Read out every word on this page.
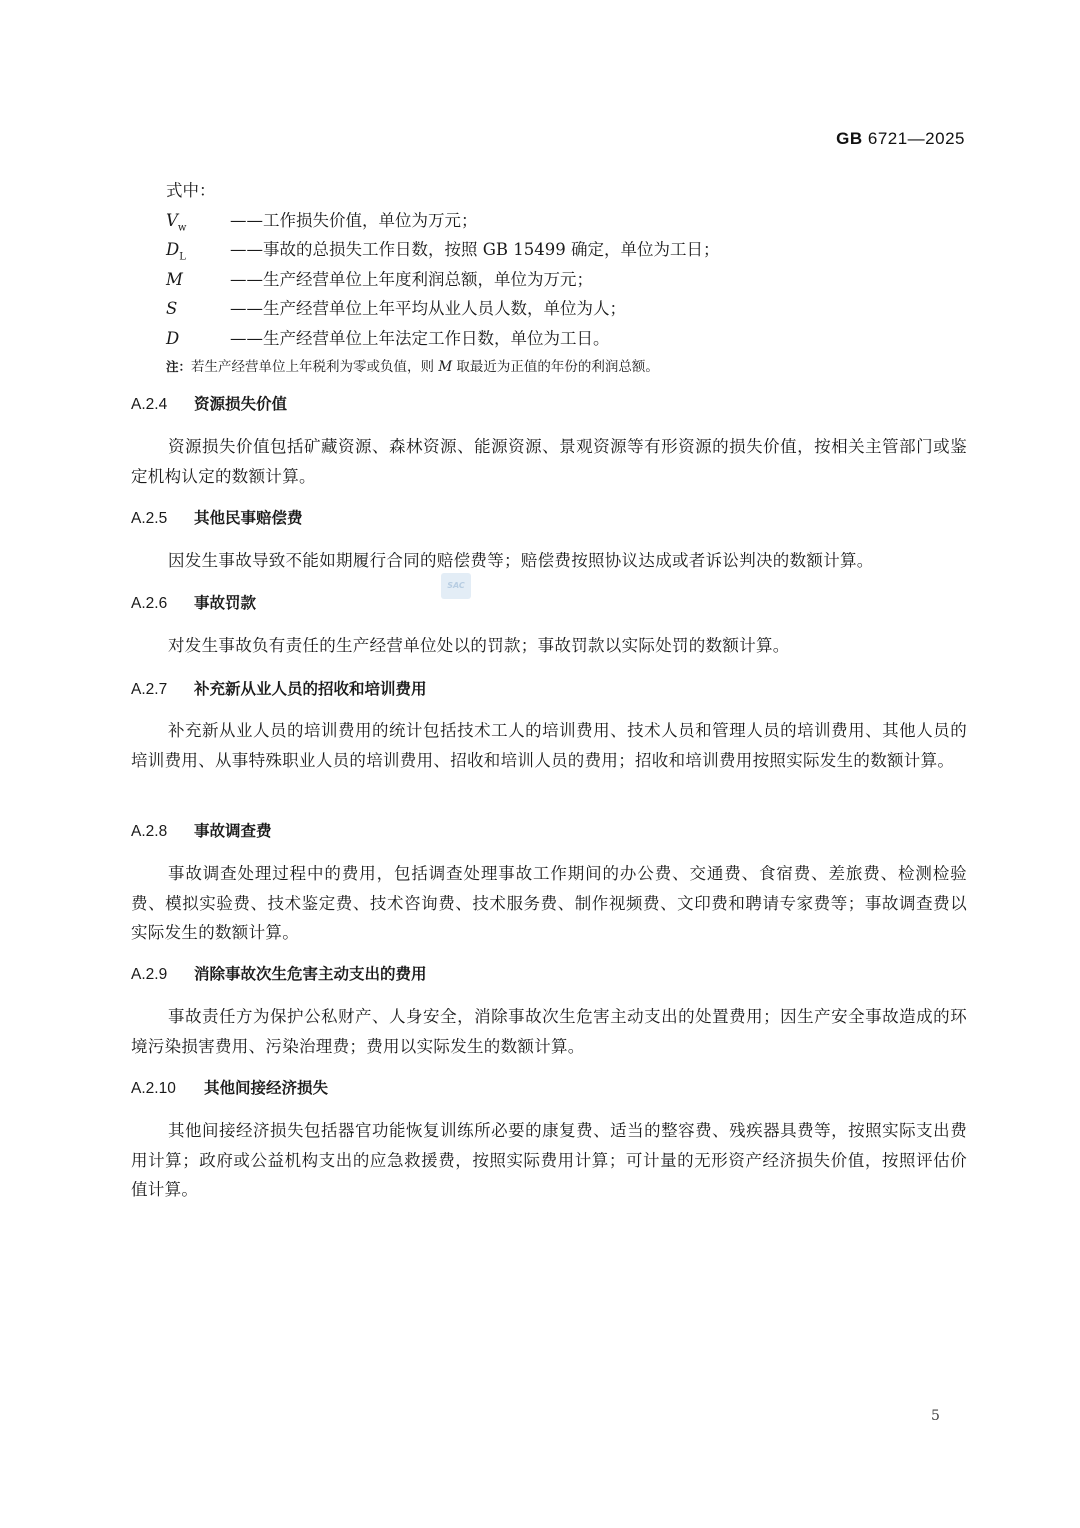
GB 6721—2025
式中：
$V_w$	——工作损失价值，单位为万元；
$D_L$	——事故的总损失工作日数，按照 GB 15499 确定，单位为工日；
M	——生产经营单位上年度利润总额，单位为万元；
S	——生产经营单位上年平均从业人员人数，单位为人；
D	——生产经营单位上年法定工作日数，单位为工日。
注：若生产经营单位上年税利为零或负值，则 M 取最近为正值的年份的利润总额。
A.2.4 资源损失价值
资源损失价值包括矿藏资源、森林资源、能源资源、景观资源等有形资源的损失价值，按相关主管部门或鉴定机构认定的数额计算。
A.2.5 其他民事赔偿费
因发生事故导致不能如期履行合同的赔偿费等；赔偿费按照协议达成或者诉讼判决的数额计算。
SAC
A.2.6 事故罚款
对发生事故负有责任的生产经营单位处以的罚款；事故罚款以实际处罚的数额计算。
A.2.7 补充新从业人员的招收和培训费用
补充新从业人员的培训费用的统计包括技术工人的培训费用、技术人员和管理人员的培训费用、其他人员的培训费用、从事特殊职业人员的培训费用、招收和培训人员的费用；招收和培训费用按照实际发生的数额计算。
A.2.8 事故调查费
事故调查处理过程中的费用，包括调查处理事故工作期间的办公费、交通费、食宿费、差旅费、检测检验费、模拟实验费、技术鉴定费、技术咨询费、技术服务费、制作视频费、文印费和聘请专家费等；事故调查费以实际发生的数额计算。
A.2.9 消除事故次生危害主动支出的费用
事故责任方为保护公私财产、人身安全，消除事故次生危害主动支出的处置费用；因生产安全事故造成的环境污染损害费用、污染治理费；费用以实际发生的数额计算。
A.2.10 其他间接经济损失
其他间接经济损失包括器官功能恢复训练所必要的康复费、适当的整容费、残疾器具费等，按照实际支出费用计算；政府或公益机构支出的应急救援费，按照实际费用计算；可计量的无形资产经济损失价值，按照评估价值计算。
5
